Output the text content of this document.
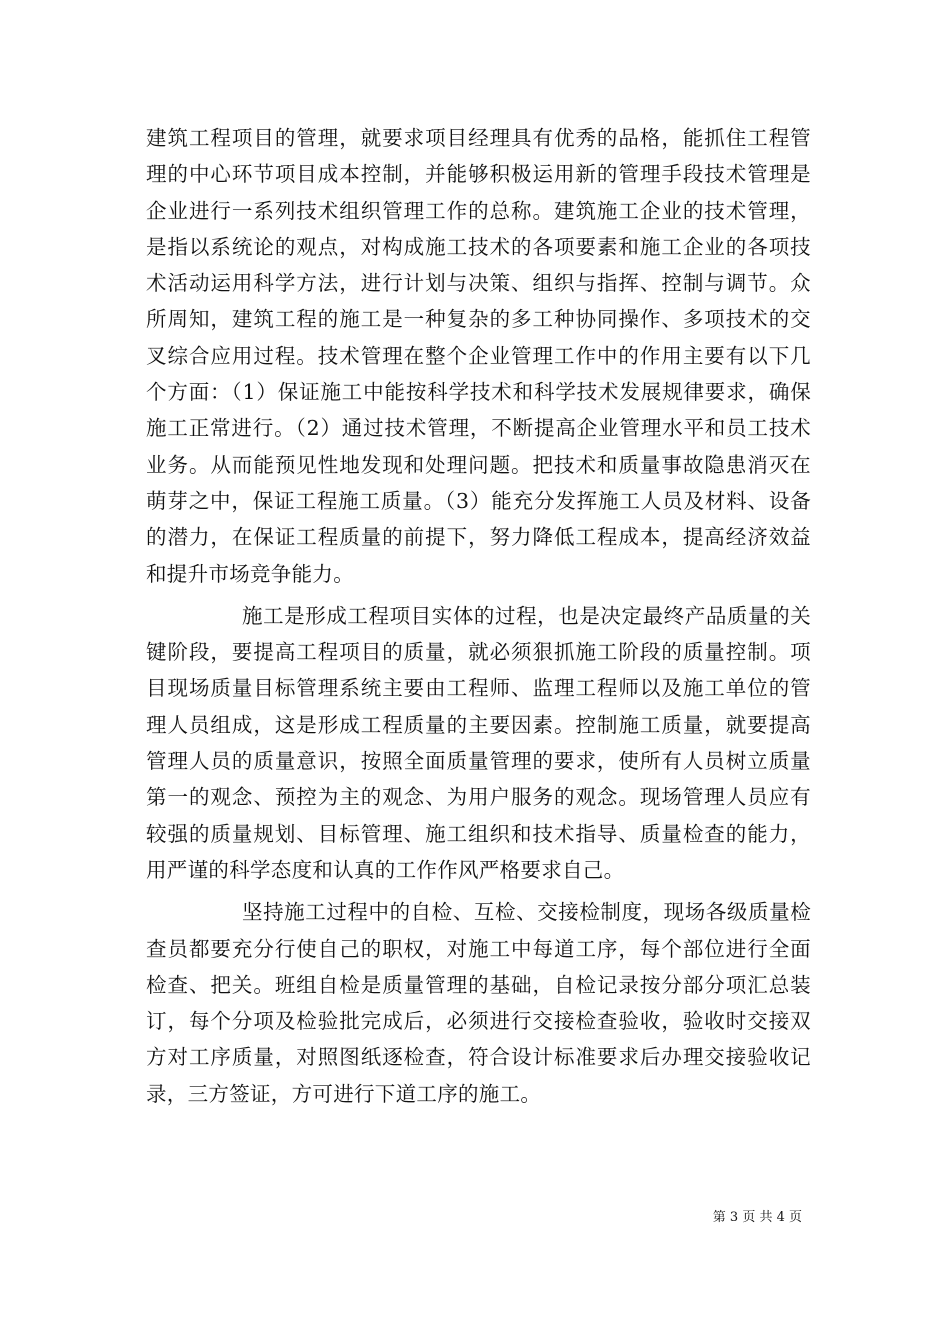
建筑工程项目的管理，就要求项目经理具有优秀的品格，能抓住工程管理的中心环节项目成本控制，并能够积极运用新的管理手段技术管理是企业进行一系列技术组织管理工作的总称。建筑施工企业的技术管理，是指以系统论的观点，对构成施工技术的各项要素和施工企业的各项技术活动运用科学方法，进行计划与决策、组织与指挥、控制与调节。众所周知，建筑工程的施工是一种复杂的多工种协同操作、多项技术的交叉综合应用过程。技术管理在整个企业管理工作中的作用主要有以下几个方面：（1）保证施工中能按科学技术和科学技术发展规律要求，确保施工正常进行。（2）通过技术管理，不断提高企业管理水平和员工技术业务。从而能预见性地发现和处理问题。把技术和质量事故隐患消灭在萌芽之中，保证工程施工质量。（3）能充分发挥施工人员及材料、设备的潜力，在保证工程质量的前提下，努力降低工程成本，提高经济效益和提升市场竞争能力。

施工是形成工程项目实体的过程，也是决定最终产品质量的关键阶段，要提高工程项目的质量，就必须狠抓施工阶段的质量控制。项目现场质量目标管理系统主要由工程师、监理工程师以及施工单位的管理人员组成，这是形成工程质量的主要因素。控制施工质量，就要提高管理人员的质量意识，按照全面质量管理的要求，使所有人员树立质量第一的观念、预控为主的观念、为用户服务的观念。现场管理人员应有较强的质量规划、目标管理、施工组织和技术指导、质量检查的能力，用严谨的科学态度和认真的工作作风严格要求自己。

坚持施工过程中的自检、互检、交接检制度，现场各级质量检查员都要充分行使自己的职权，对施工中每道工序，每个部位进行全面检查、把关。班组自检是质量管理的基础，自检记录按分部分项汇总装订，每个分项及检验批完成后，必须进行交接检查验收，验收时交接双方对工序质量，对照图纸逐检查，符合设计标准要求后办理交接验收记录，三方签证，方可进行下道工序的施工。

第 3 页 共 4 页
